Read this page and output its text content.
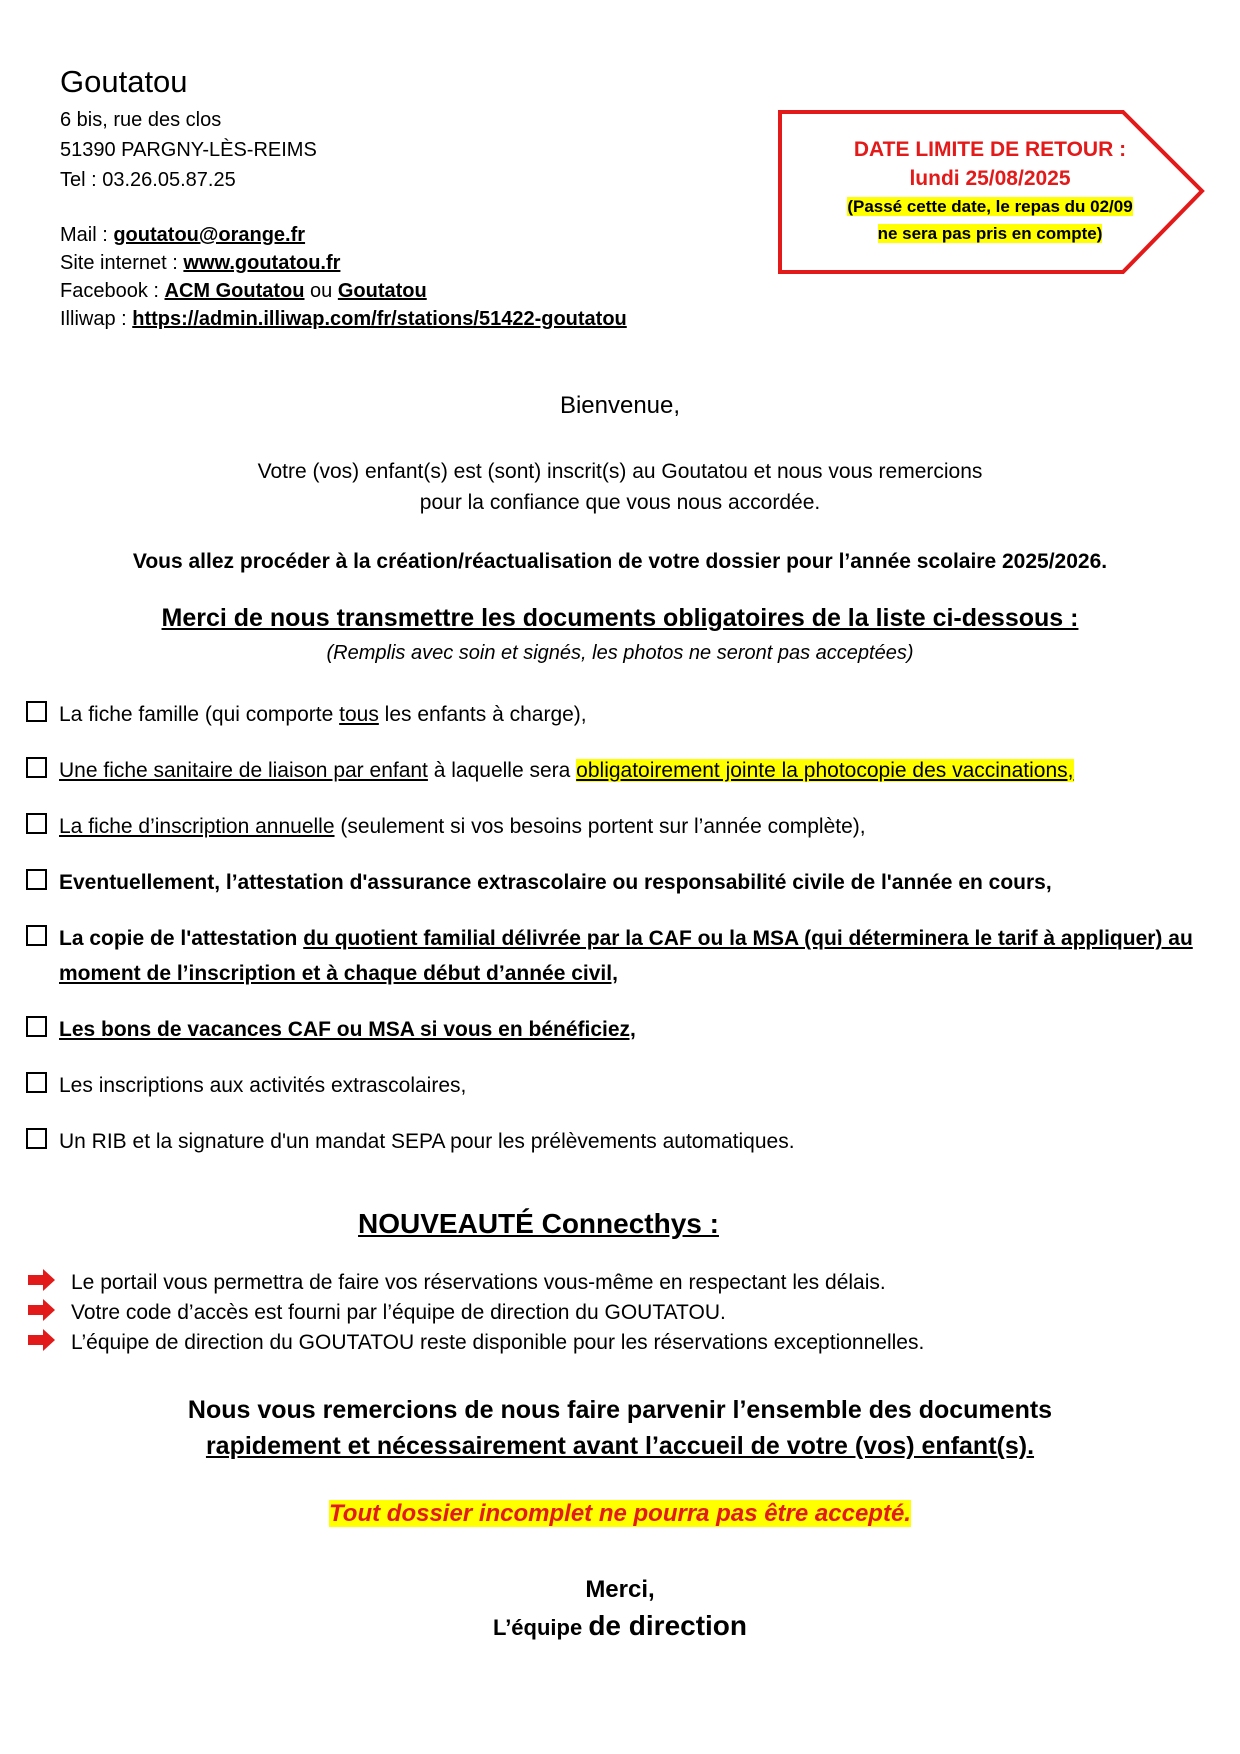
Goutatou
6 bis, rue des clos
51390 PARGNY-LÈS-REIMS
Tel : 03.26.05.87.25
Mail : goutatou@orange.fr
Site internet : www.goutatou.fr
Facebook : ACM Goutatou ou Goutatou
Illiwap : https://admin.illiwap.com/fr/stations/51422-goutatou
DATE LIMITE DE RETOUR :
lundi 25/08/2025
(Passé cette date, le repas du 02/09
ne sera pas pris en compte)
Bienvenue,
Votre (vos) enfant(s) est (sont) inscrit(s) au Goutatou et nous vous remercions
pour la confiance que vous nous accordée.
Vous allez procéder à la création/réactualisation de votre dossier pour l’année scolaire 2025/2026.
Merci de nous transmettre les documents obligatoires de la liste ci-dessous :
(Remplis avec soin et signés, les photos ne seront pas acceptées)
La fiche famille (qui comporte tous les enfants à charge),
Une fiche sanitaire de liaison par enfant à laquelle sera obligatoirement jointe la photocopie des vaccinations,
La fiche d’inscription annuelle (seulement si vos besoins portent sur l’année complète),
Eventuellement, l’attestation d'assurance extrascolaire ou responsabilité civile de l'année en cours,
La copie de l'attestation du quotient familial délivrée par la CAF ou la MSA (qui déterminera le tarif à appliquer) au moment de l’inscription et à chaque début d’année civil,
Les bons de vacances CAF ou MSA si vous en bénéficiez,
Les inscriptions aux activités extrascolaires,
Un RIB et la signature d'un mandat SEPA pour les prélèvements automatiques.
NOUVEAUTÉ Connecthys :
Le portail vous permettra de faire vos réservations vous-même en respectant les délais.
Votre code d’accès est fourni par l’équipe de direction du GOUTATOU.
L’équipe de direction du GOUTATOU reste disponible pour les réservations exceptionnelles.
Nous vous remercions de nous faire parvenir l’ensemble des documents
rapidement et nécessairement avant l’accueil de votre (vos) enfant(s).
Tout dossier incomplet ne pourra pas être accepté.
Merci,
L’équipe de direction
